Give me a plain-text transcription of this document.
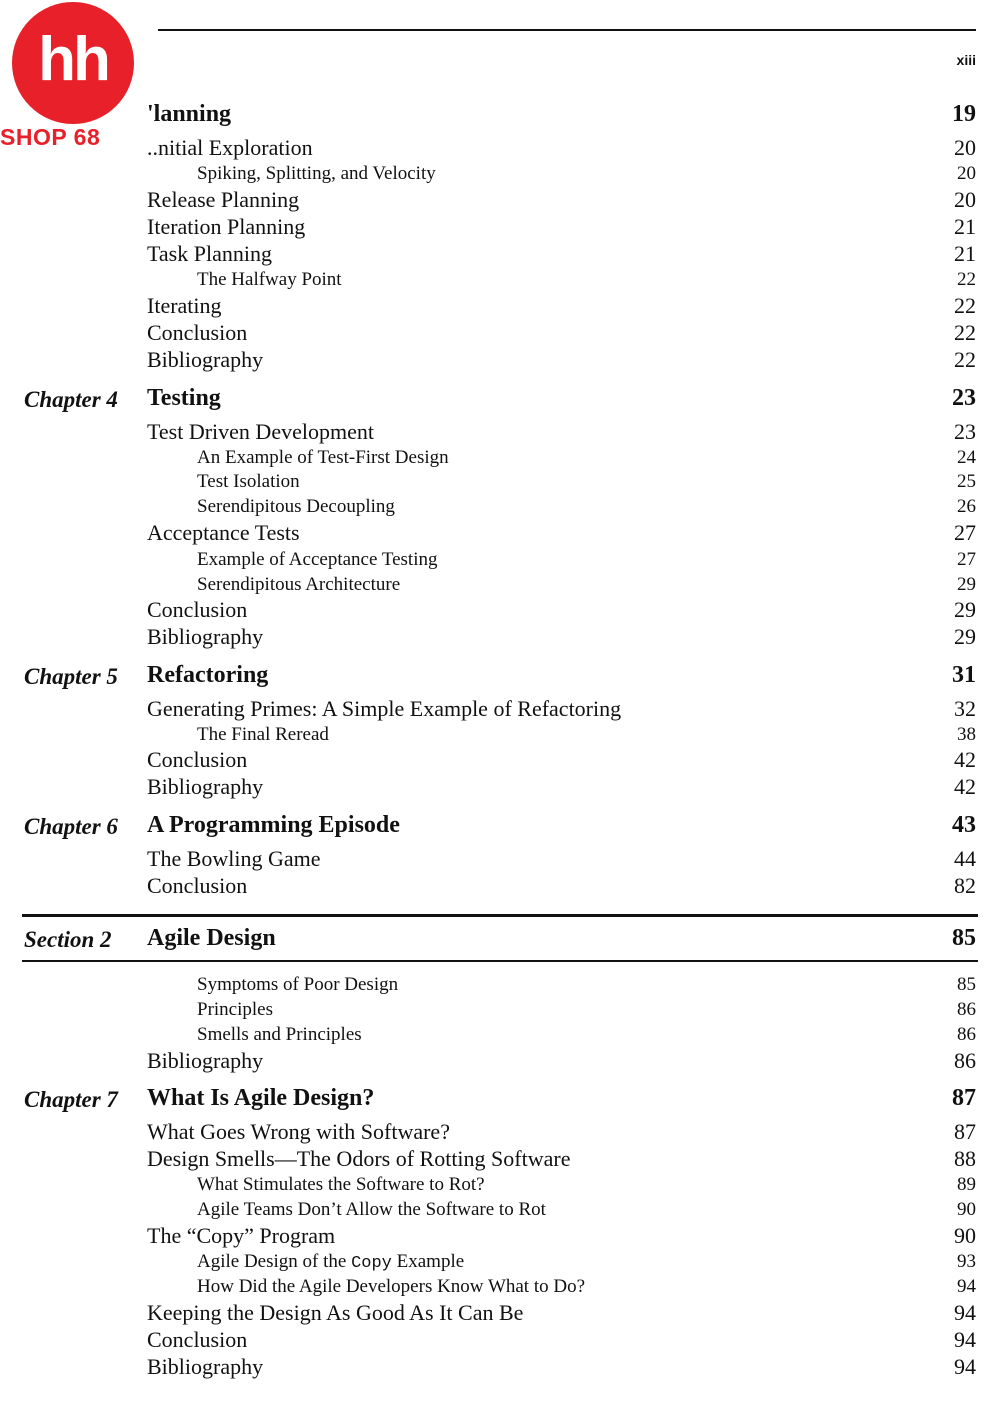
xiii
'lanning	19
..nitial Exploration	20
Spiking, Splitting, and Velocity	20
Release Planning	20
Iteration Planning	21
Task Planning	21
The Halfway Point	22
Iterating	22
Conclusion	22
Bibliography	22
Chapter 4 Testing	23
Test Driven Development	23
An Example of Test-First Design	24
Test Isolation	25
Serendipitous Decoupling	26
Acceptance Tests	27
Example of Acceptance Testing	27
Serendipitous Architecture	29
Conclusion	29
Bibliography	29
Chapter 5 Refactoring	31
Generating Primes: A Simple Example of Refactoring	32
The Final Reread	38
Conclusion	42
Bibliography	42
Chapter 6 A Programming Episode	43
The Bowling Game	44
Conclusion	82
Section 2 Agile Design	85
Symptoms of Poor Design	85
Principles	86
Smells and Principles	86
Bibliography	86
Chapter 7 What Is Agile Design?	87
What Goes Wrong with Software?	87
Design Smells—The Odors of Rotting Software	88
What Stimulates the Software to Rot?	89
Agile Teams Don’t Allow the Software to Rot	90
The “Copy” Program	90
Agile Design of the Copy Example	93
How Did the Agile Developers Know What to Do?	94
Keeping the Design As Good As It Can Be	94
Conclusion	94
Bibliography	94
hh
SHOP 68
